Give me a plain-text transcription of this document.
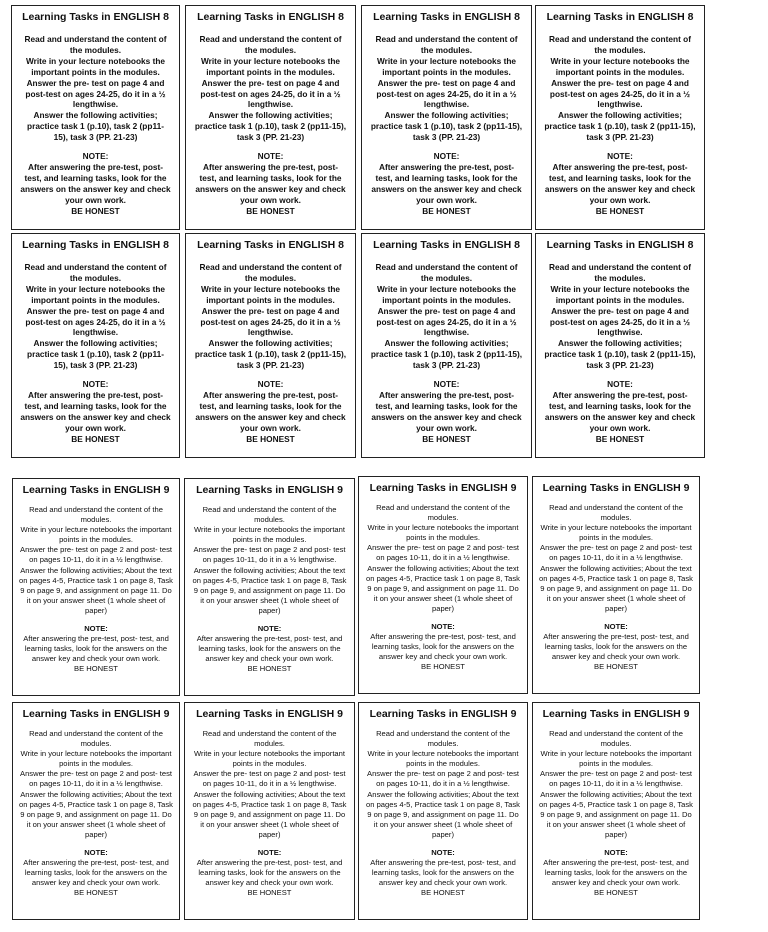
Learning Tasks in ENGLISH 8
Read and understand the content of the modules.
Write in your lecture notebooks the important points in the modules.
Answer the pre- test on page 4 and post-test on ages 24-25, do it in a ½ lengthwise.
Answer the following activities; practice task 1 (p.10), task 2 (pp11-15), task 3 (PP. 21-23)
NOTE:
After answering the pre-test, post- test, and learning tasks, look for the answers on the answer key and check your own work.
BE HONEST
Learning Tasks in ENGLISH 8
Read and understand the content of the modules.
Write in your lecture notebooks the important points in the modules.
Answer the pre- test on page 4 and post-test on ages 24-25, do it in a ½ lengthwise.
Answer the following activities; practice task 1 (p.10), task 2 (pp11-15), task 3 (PP. 21-23)
NOTE:
After answering the pre-test, post- test, and learning tasks, look for the answers on the answer key and check your own work.
BE HONEST
Learning Tasks in ENGLISH 8
Read and understand the content of the modules.
Write in your lecture notebooks the important points in the modules.
Answer the pre- test on page 4 and post-test on ages 24-25, do it in a ½ lengthwise.
Answer the following activities; practice task 1 (p.10), task 2 (pp11-15), task 3 (PP. 21-23)
NOTE:
After answering the pre-test, post- test, and learning tasks, look for the answers on the answer key and check your own work.
BE HONEST
Learning Tasks in ENGLISH 8
Read and understand the content of the modules.
Write in your lecture notebooks the important points in the modules.
Answer the pre- test on page 4 and post-test on ages 24-25, do it in a ½ lengthwise.
Answer the following activities; practice task 1 (p.10), task 2 (pp11-15), task 3 (PP. 21-23)
NOTE:
After answering the pre-test, post- test, and learning tasks, look for the answers on the answer key and check your own work.
BE HONEST
Learning Tasks in ENGLISH 8
Read and understand the content of the modules.
Write in your lecture notebooks the important points in the modules.
Answer the pre- test on page 4 and post-test on ages 24-25, do it in a ½ lengthwise.
Answer the following activities; practice task 1 (p.10), task 2 (pp11-15), task 3 (PP. 21-23)
NOTE:
After answering the pre-test, post- test, and learning tasks, look for the answers on the answer key and check your own work.
BE HONEST
Learning Tasks in ENGLISH 8
Read and understand the content of the modules.
Write in your lecture notebooks the important points in the modules.
Answer the pre- test on page 4 and post-test on ages 24-25, do it in a ½ lengthwise.
Answer the following activities; practice task 1 (p.10), task 2 (pp11-15), task 3 (PP. 21-23)
NOTE:
After answering the pre-test, post- test, and learning tasks, look for the answers on the answer key and check your own work.
BE HONEST
Learning Tasks in ENGLISH 8
Read and understand the content of the modules.
Write in your lecture notebooks the important points in the modules.
Answer the pre- test on page 4 and post-test on ages 24-25, do it in a ½ lengthwise.
Answer the following activities; practice task 1 (p.10), task 2 (pp11-15), task 3 (PP. 21-23)
NOTE:
After answering the pre-test, post- test, and learning tasks, look for the answers on the answer key and check your own work.
BE HONEST
Learning Tasks in ENGLISH 8
Read and understand the content of the modules.
Write in your lecture notebooks the important points in the modules.
Answer the pre- test on page 4 and post-test on ages 24-25, do it in a ½ lengthwise.
Answer the following activities; practice task 1 (p.10), task 2 (pp11-15), task 3 (PP. 21-23)
NOTE:
After answering the pre-test, post- test, and learning tasks, look for the answers on the answer key and check your own work.
BE HONEST
Learning Tasks in ENGLISH 9
Read and understand the content of the modules.
Write in your lecture notebooks the important points in the modules.
Answer the pre- test on page 2 and post- test on pages 10-11, do it in a ½ lengthwise.
Answer the following activities; About the text on pages 4-5, Practice task 1 on page 8, Task 9 on page 9, and assignment on page 11. Do it on your answer sheet (1 whole sheet of paper)
NOTE:
After answering the pre-test, post- test, and learning tasks, look for the answers on the answer key and check your own work.
BE HONEST
Learning Tasks in ENGLISH 9
Read and understand the content of the modules.
Write in your lecture notebooks the important points in the modules.
Answer the pre- test on page 2 and post- test on pages 10-11, do it in a ½ lengthwise.
Answer the following activities; About the text on pages 4-5, Practice task 1 on page 8, Task 9 on page 9, and assignment on page 11. Do it on your answer sheet (1 whole sheet of paper)
NOTE:
After answering the pre-test, post- test, and learning tasks, look for the answers on the answer key and check your own work.
BE HONEST
Learning Tasks in ENGLISH 9
Read and understand the content of the modules.
Write in your lecture notebooks the important points in the modules.
Answer the pre- test on page 2 and post- test on pages 10-11, do it in a ½ lengthwise.
Answer the following activities; About the text on pages 4-5, Practice task 1 on page 8, Task 9 on page 9, and assignment on page 11. Do it on your answer sheet (1 whole sheet of paper)
NOTE:
After answering the pre-test, post- test, and learning tasks, look for the answers on the answer key and check your own work.
BE HONEST
Learning Tasks in ENGLISH 9
Read and understand the content of the modules.
Write in your lecture notebooks the important points in the modules.
Answer the pre- test on page 2 and post- test on pages 10-11, do it in a ½ lengthwise.
Answer the following activities; About the text on pages 4-5, Practice task 1 on page 8, Task 9 on page 9, and assignment on page 11. Do it on your answer sheet (1 whole sheet of paper)
NOTE:
After answering the pre-test, post- test, and learning tasks, look for the answers on the answer key and check your own work.
BE HONEST
Learning Tasks in ENGLISH 9
Read and understand the content of the modules.
Write in your lecture notebooks the important points in the modules.
Answer the pre- test on page 2 and post- test on pages 10-11, do it in a ½ lengthwise.
Answer the following activities; About the text on pages 4-5, Practice task 1 on page 8, Task 9 on page 9, and assignment on page 11. Do it on your answer sheet (1 whole sheet of paper)
NOTE:
After answering the pre-test, post- test, and learning tasks, look for the answers on the answer key and check your own work.
BE HONEST
Learning Tasks in ENGLISH 9
Read and understand the content of the modules.
Write in your lecture notebooks the important points in the modules.
Answer the pre- test on page 2 and post- test on pages 10-11, do it in a ½ lengthwise.
Answer the following activities; About the text on pages 4-5, Practice task 1 on page 8, Task 9 on page 9, and assignment on page 11. Do it on your answer sheet (1 whole sheet of paper)
NOTE:
After answering the pre-test, post- test, and learning tasks, look for the answers on the answer key and check your own work.
BE HONEST
Learning Tasks in ENGLISH 9
Read and understand the content of the modules.
Write in your lecture notebooks the important points in the modules.
Answer the pre- test on page 2 and post- test on pages 10-11, do it in a ½ lengthwise.
Answer the following activities; About the text on pages 4-5, Practice task 1 on page 8, Task 9 on page 9, and assignment on page 11. Do it on your answer sheet (1 whole sheet of paper)
NOTE:
After answering the pre-test, post- test, and learning tasks, look for the answers on the answer key and check your own work.
BE HONEST
Learning Tasks in ENGLISH 9
Read and understand the content of the modules.
Write in your lecture notebooks the important points in the modules.
Answer the pre- test on page 2 and post- test on pages 10-11, do it in a ½ lengthwise.
Answer the following activities; About the text on pages 4-5, Practice task 1 on page 8, Task 9 on page 9, and assignment on page 11. Do it on your answer sheet (1 whole sheet of paper)
NOTE:
After answering the pre-test, post- test, and learning tasks, look for the answers on the answer key and check your own work.
BE HONEST
